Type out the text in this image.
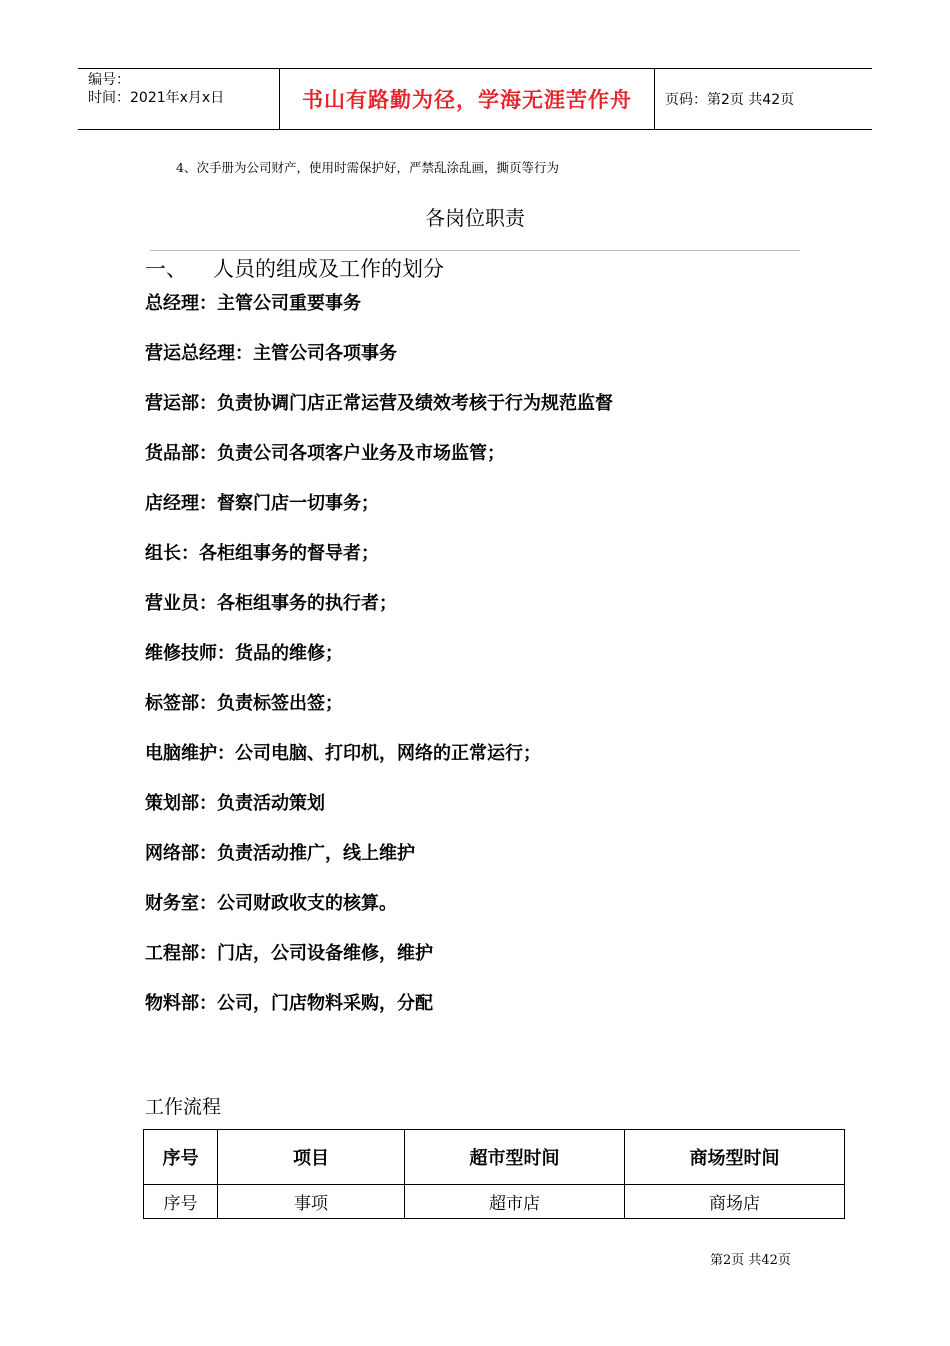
编号：
时间：2021年x月x日	书山有路勤为径，学海无涯苦作舟 页码：第2页 共42页
4、次手册为公司财产，使用时需保护好，严禁乱涂乱画，撕页等行为
各岗位职责
一、 人员的组成及工作的划分
总经理：主管公司重要事务
营运总经理：主管公司各项事务
营运部：负责协调门店正常运营及绩效考核于行为规范监督
货品部：负责公司各项客户业务及市场监管；
店经理：督察门店一切事务；
组长：各柜组事务的督导者；
营业员：各柜组事务的执行者；
维修技师：货品的维修；
标签部：负责标签出签；
电脑维护：公司电脑、打印机，网络的正常运行；
策划部：负责活动策划
网络部：负责活动推广，线上维护
财务室：公司财政收支的核算。
工程部：门店，公司设备维修，维护
物料部：公司，门店物料采购，分配
工作流程
序号	项目	超市型时间	商场型时间
序号	事项	超市店	商场店
第2页 共42页
